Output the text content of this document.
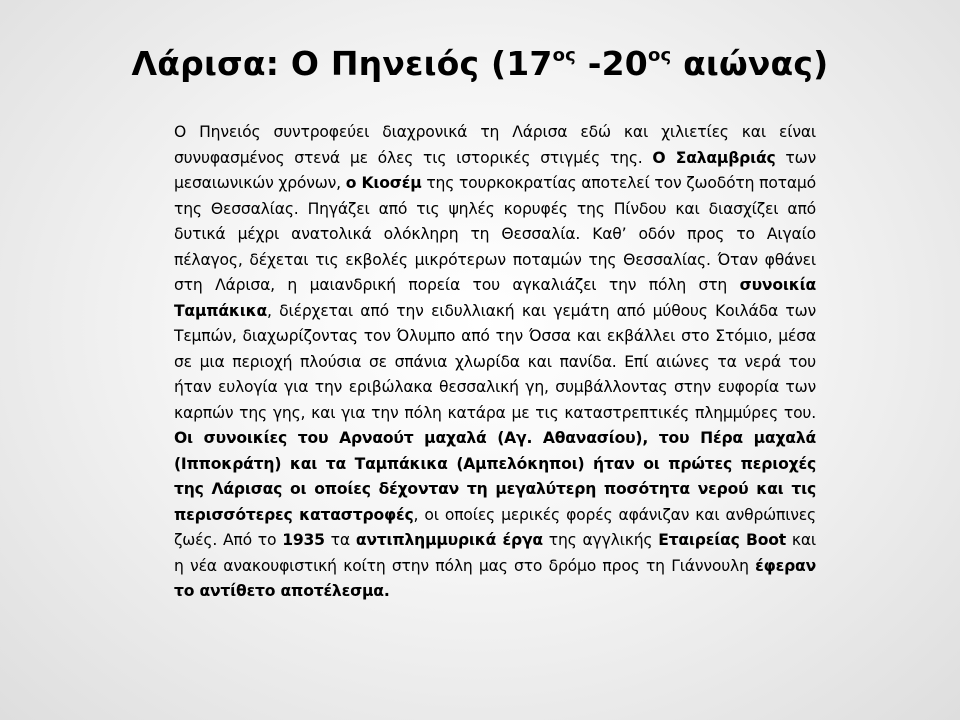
Λάρισα: Ο Πηνειός ($17^{o\varsigma}$ $-20^{o\varsigma}$ αιώνας)
Ο Πηνειός συντροφεύει διαχρονικά τη Λάρισα εδώ και χιλιετίες και είναι συνυφασμένος στενά με όλες τις ιστορικές στιγμές της. Ο Σαλαμβριάς των μεσαιωνικών χρόνων, ο Κιοσέμ της τουρκοκρατίας αποτελεί τον ζωοδότη ποταμό της Θεσσαλίας. Πηγάζει από τις ψηλές κορυφές της Πίνδου και διασχίζει από δυτικά μέχρι ανατολικά ολόκληρη τη Θεσσαλία. Καθ’ οδόν προς το Αιγαίο πέλαγος, δέχεται τις εκβολές μικρότερων ποταμών της Θεσσαλίας. Όταν φθάνει στη Λάρισα, η μαιανδρική πορεία του αγκαλιάζει την πόλη στη συνοικία Ταμπάκικα, διέρχεται από την ειδυλλιακή και γεμάτη από μύθους Κοιλάδα των Τεμπών, διαχωρίζοντας τον Όλυμπο από την Όσσα και εκβάλλει στο Στόμιο, μέσα σε μια περιοχή πλούσια σε σπάνια χλωρίδα και πανίδα. Επί αιώνες τα νερά του ήταν ευλογία για την εριβώλακα θεσσαλική γη, συμβάλλοντας στην ευφορία των καρπών της γης, και για την πόλη κατάρα με τις καταστρεπτικές πλημμύρες του. Οι συνοικίες του Αρναούτ μαχαλά (Αγ. Αθανασίου), του Πέρα μαχαλά (Ιπποκράτη) και τα Ταμπάκικα (Αμπελόκηποι) ήταν οι πρώτες περιοχές της Λάρισας οι οποίες δέχονταν τη μεγαλύτερη ποσότητα νερού και τις περισσότερες καταστροφές, οι οποίες μερικές φορές αφάνιζαν και ανθρώπινες ζωές. Από το 1935 τα αντιπλημμυρικά έργα της αγγλικής Εταιρείας Boot και η νέα ανακουφιστική κοίτη στην πόλη μας στο δρόμο προς τη Γιάννουλη έφεραν το αντίθετο αποτέλεσμα.
